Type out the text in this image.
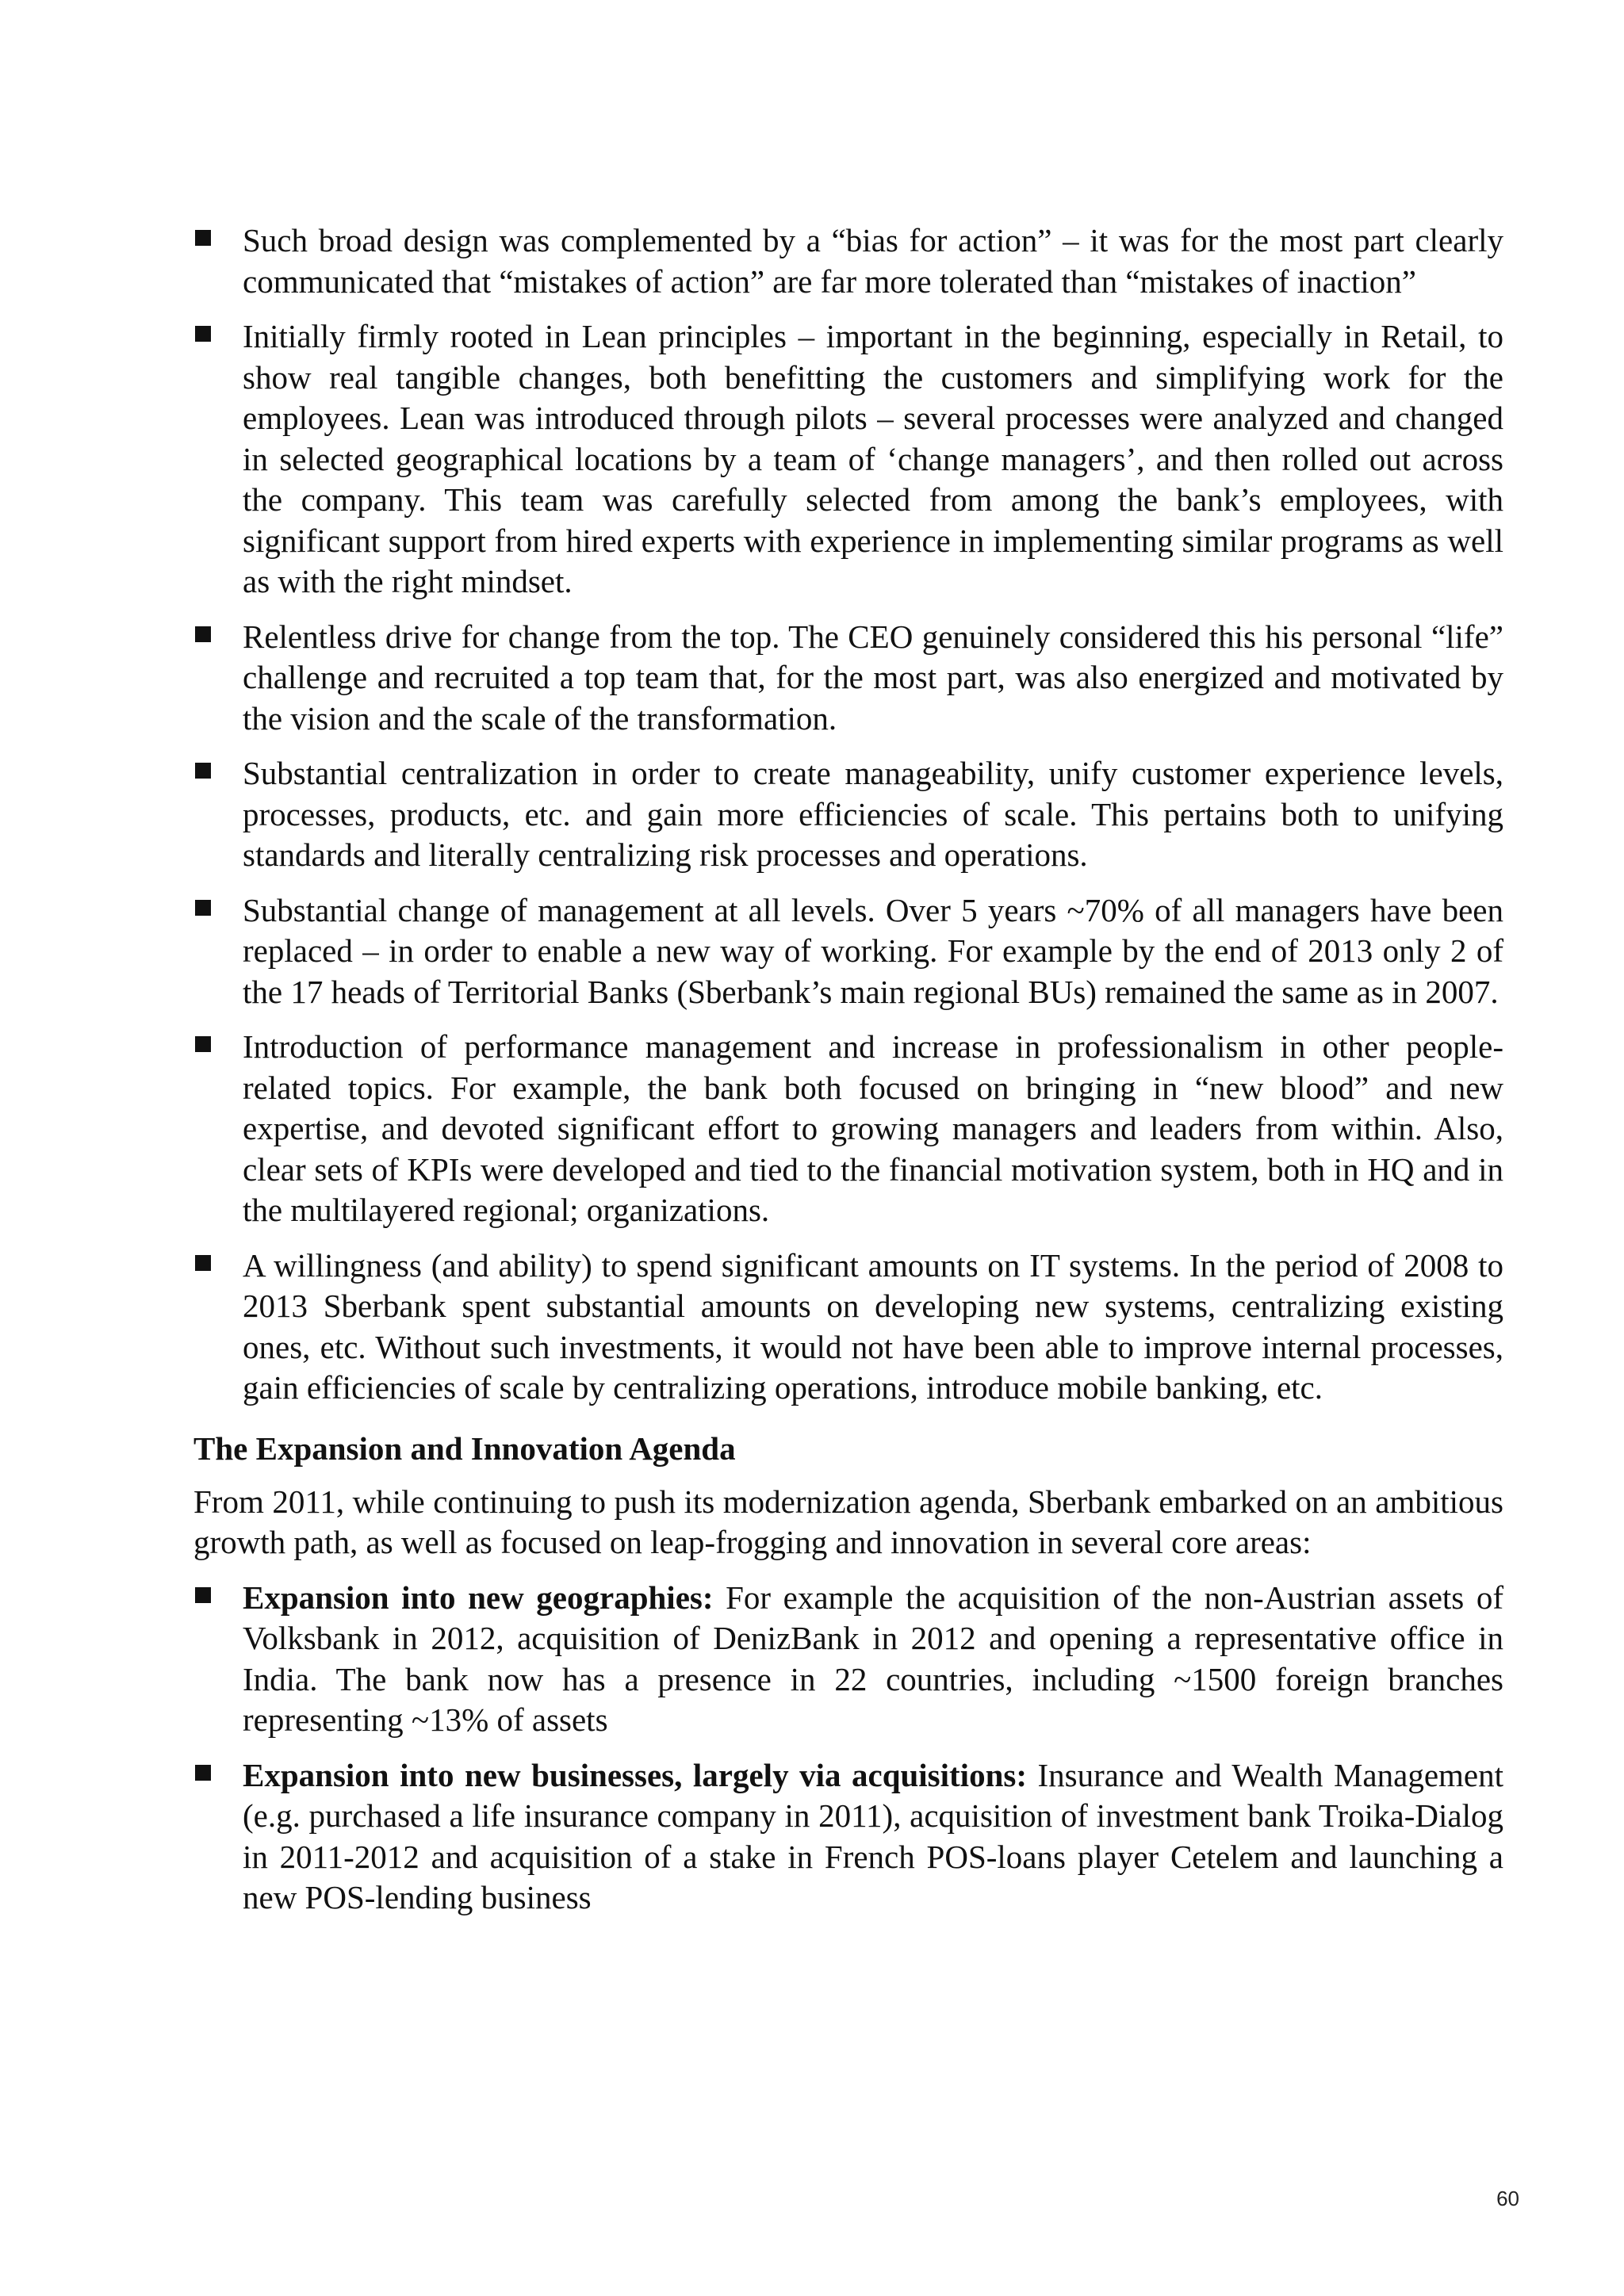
Such broad design was complemented by a “bias for action” – it was for the most part clearly communicated that “mistakes of action” are far more tolerated than “mistakes of inaction”
Initially firmly rooted in Lean principles – important in the beginning, especially in Retail, to show real tangible changes, both benefitting the customers and simplifying work for the employees. Lean was introduced through pilots – several processes were analyzed and changed in selected geographical locations by a team of ‘change managers’, and then rolled out across the company. This team was carefully selected from among the bank’s employees, with significant support from hired experts with experience in implementing similar programs as well as with the right mindset.
Relentless drive for change from the top. The CEO genuinely considered this his personal “life” challenge and recruited a top team that, for the most part, was also energized and motivated by the vision and the scale of the transformation.
Substantial centralization in order to create manageability, unify customer experience levels, processes, products, etc. and gain more efficiencies of scale. This pertains both to unifying standards and literally centralizing risk processes and operations.
Substantial change of management at all levels. Over 5 years ~70% of all managers have been replaced – in order to enable a new way of working. For example by the end of 2013 only 2 of the 17 heads of Territorial Banks (Sberbank’s main regional BUs) remained the same as in 2007.
Introduction of performance management and increase in professionalism in other people-related topics. For example, the bank both focused on bringing in “new blood” and new expertise, and devoted significant effort to growing managers and leaders from within. Also, clear sets of KPIs were developed and tied to the financial motivation system, both in HQ and in the multilayered regional; organizations.
A willingness (and ability) to spend significant amounts on IT systems. In the period of 2008 to 2013 Sberbank spent substantial amounts on developing new systems, centralizing existing ones, etc. Without such investments, it would not have been able to improve internal processes, gain efficiencies of scale by centralizing operations, introduce mobile banking, etc.
The Expansion and Innovation Agenda

From 2011, while continuing to push its modernization agenda, Sberbank embarked on an ambitious growth path, as well as focused on leap-frogging and innovation in several core areas:

Expansion into new geographies: For example the acquisition of the non-Austrian assets of Volksbank in 2012, acquisition of DenizBank in 2012 and opening a representative office in India. The bank now has a presence in 22 countries, including ~1500 foreign branches representing ~13% of assets
Expansion into new businesses, largely via acquisitions: Insurance and Wealth Management (e.g. purchased a life insurance company in 2011), acquisition of investment bank Troika-Dialog in 2011-2012 and acquisition of a stake in French POS-loans player Cetelem and launching a new POS-lending business
60
